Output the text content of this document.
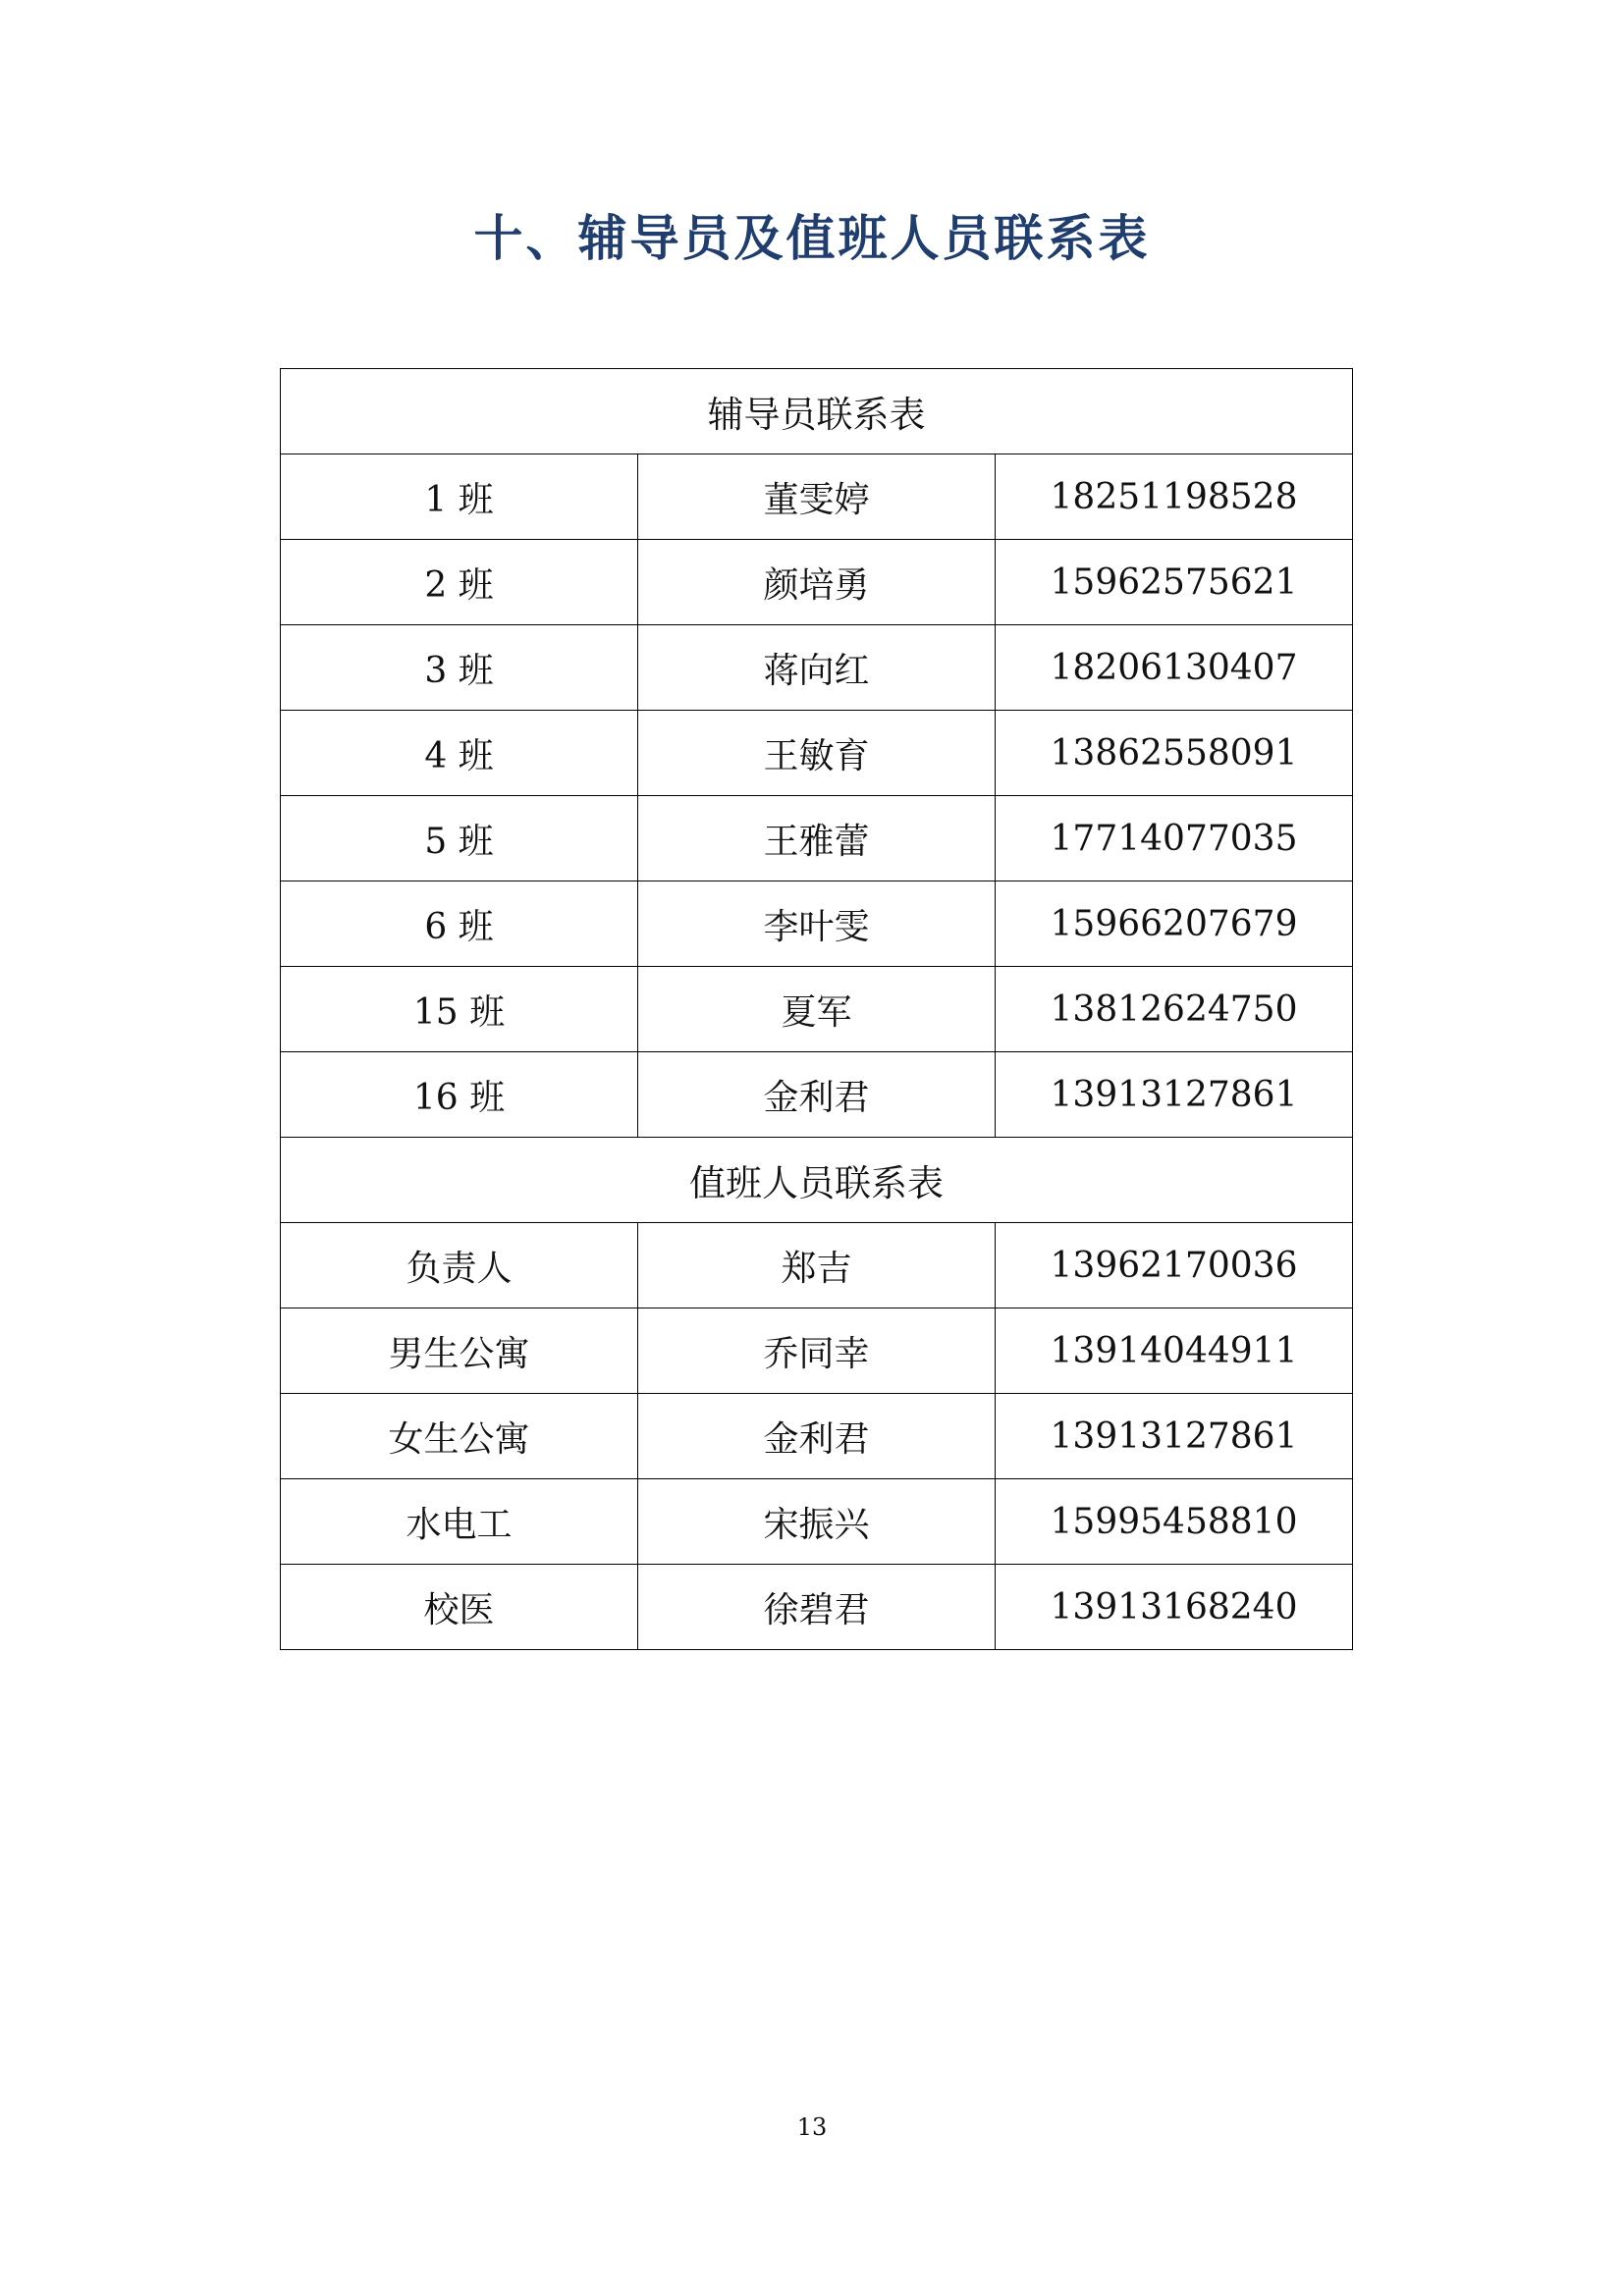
十、辅导员及值班人员联系表
辅导员联系表		
1 班	董雯婷	18251198528
2 班	颜培勇	15962575621
3 班	蒋向红	18206130407
4 班	王敏育	13862558091
5 班	王雅蕾	17714077035
6 班	李叶雯	15966207679
15 班	夏军	13812624750
16 班	金利君	13913127861
值班人员联系表		
负责人	郑吉	13962170036
男生公寓	乔同幸	13914044911
女生公寓	金利君	13913127861
水电工	宋振兴	15995458810
校医	徐碧君	13913168240
13
